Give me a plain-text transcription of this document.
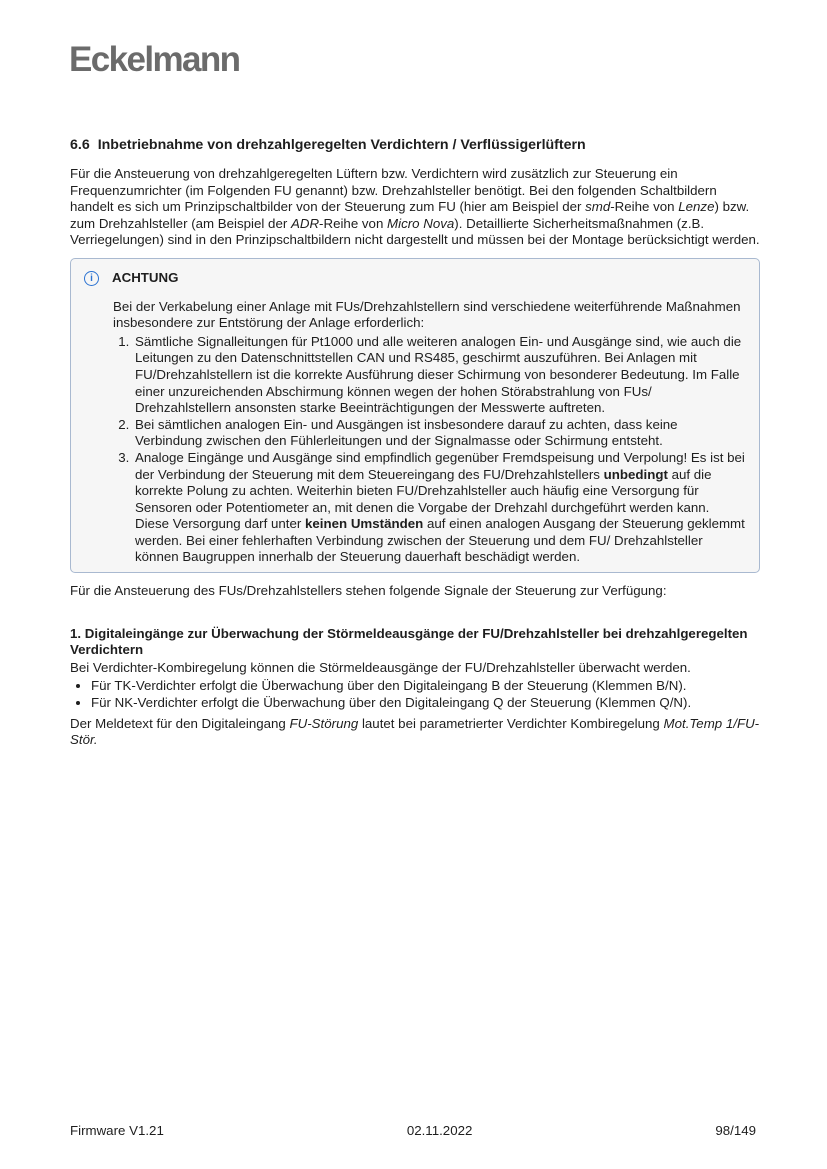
Eckelmann
6.6 Inbetriebnahme von drehzahlgeregelten Verdichtern / Verflüssigerlüftern

Für die Ansteuerung von drehzahlgeregelten Lüftern bzw. Verdichtern wird zusätzlich zur Steuerung ein Frequenzumrichter (im Folgenden FU genannt) bzw. Drehzahlsteller benötigt. Bei den folgenden Schaltbildern handelt es sich um Prinzipschaltbilder von der Steuerung zum FU (hier am Beispiel der smd-Reihe von Lenze) bzw. zum Drehzahlsteller (am Beispiel der ADR-Reihe von Micro Nova). Detaillierte Sicherheitsmaßnahmen (z.B. Verriegelungen) sind in den Prinzipschaltbildern nicht dargestellt und müssen bei der Montage berücksichtigt werden.

i	ACHTUNG

Bei der Verkabelung einer Anlage mit FUs/Drehzahlstellern sind verschiedene weiterführende Maßnahmen insbesondere zur Entstörung der Anlage erforderlich:

1. Sämtliche Signalleitungen für Pt1000 und alle weiteren analogen Ein- und Ausgänge sind, wie auch die Leitungen zu den Datenschnittstellen CAN und RS485, geschirmt auszuführen. Bei Anlagen mit FU/Drehzahlstellern ist die korrekte Ausführung dieser Schirmung von besonderer Bedeutung. Im Falle einer unzureichenden Abschirmung können wegen der hohen Störabstrahlung von FUs/ Drehzahlstellern ansonsten starke Beeinträchtigungen der Messwerte auftreten.
2. Bei sämtlichen analogen Ein- und Ausgängen ist insbesondere darauf zu achten, dass keine Verbindung zwischen den Fühlerleitungen und der Signalmasse oder Schirmung entsteht.
3. Analoge Eingänge und Ausgänge sind empfindlich gegenüber Fremdspeisung und Verpolung! Es ist bei der Verbindung der Steuerung mit dem Steuereingang des FU/Drehzahlstellers unbedingt auf die korrekte Polung zu achten. Weiterhin bieten FU/Drehzahlsteller auch häufig eine Versorgung für Sensoren oder Potentiometer an, mit denen die Vorgabe der Drehzahl durchgeführt werden kann.
Diese Versorgung darf unter keinen Umständen auf einen analogen Ausgang der Steuerung geklemmt werden. Bei einer fehlerhaften Verbindung zwischen der Steuerung und dem FU/ Drehzahlsteller können Baugruppen innerhalb der Steuerung dauerhaft beschädigt werden.

Für die Ansteuerung des FUs/Drehzahlstellers stehen folgende Signale der Steuerung zur Verfügung:

1. Digitaleingänge zur Überwachung der Störmeldeausgänge der FU/Drehzahlsteller bei drehzahlgeregelten Verdichtern

Bei Verdichter-Kombiregelung können die Störmeldeausgänge der FU/Drehzahlsteller überwacht werden.

• Für TK-Verdichter erfolgt die Überwachung über den Digitaleingang B der Steuerung (Klemmen B/N).
• Für NK-Verdichter erfolgt die Überwachung über den Digitaleingang Q der Steuerung (Klemmen Q/N).

Der Meldetext für den Digitaleingang FU-Störung lautet bei parametrierter Verdichter Kombiregelung Mot.Temp 1/FU-Stör.

Firmware V1.21	02.11.2022	98/149
